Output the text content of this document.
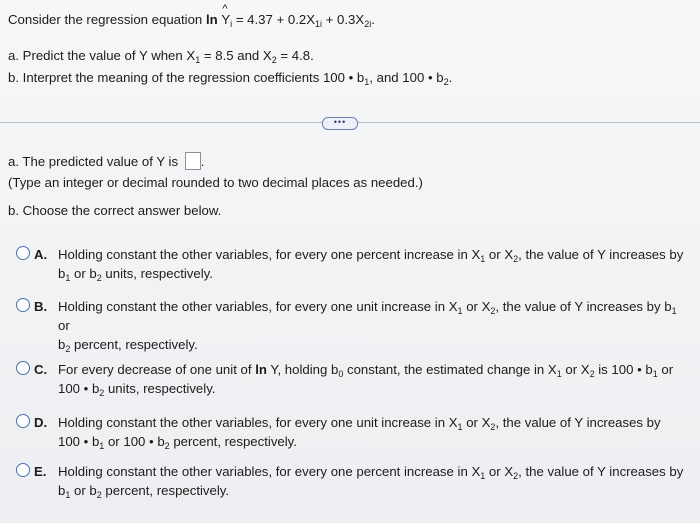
Consider the regression equation ln ^ $Y_i = 4.37 + 0.2X_{1i} + 0.3X_{2i}$.
a. Predict the value of Y when $X_1 = 8.5$ and $X_2 = 4.8$.
b. Interpret the meaning of the regression coefficients 100 • $b_1$, and 100 • $b_2$.
•••
a. The predicted value of Y is .
(Type an integer or decimal rounded to two decimal places as needed.)
b. Choose the correct answer below.
A. Holding constant the other variables, for every one percent increase in $X_1$ or $X_2$, the value of Y increases by
$b_1$ or $b_2$ units, respectively.
B. Holding constant the other variables, for every one unit increase in $X_1$ or $X_2$, the value of Y increases by $b_1$ or
$b_2$ percent, respectively.
C. For every decrease of one unit of ln Y, holding $b_0$ constant, the estimated change in $X_1$ or $X_2$ is 100 • $b_1$ or
100 • $b_2$ units, respectively.
D. Holding constant the other variables, for every one unit increase in $X_1$ or $X_2$, the value of Y increases by
100 • $b_1$ or 100 • $b_2$ percent, respectively.
E. Holding constant the other variables, for every one percent increase in $X_1$ or $X_2$, the value of Y increases by
$b_1$ or $b_2$ percent, respectively.
